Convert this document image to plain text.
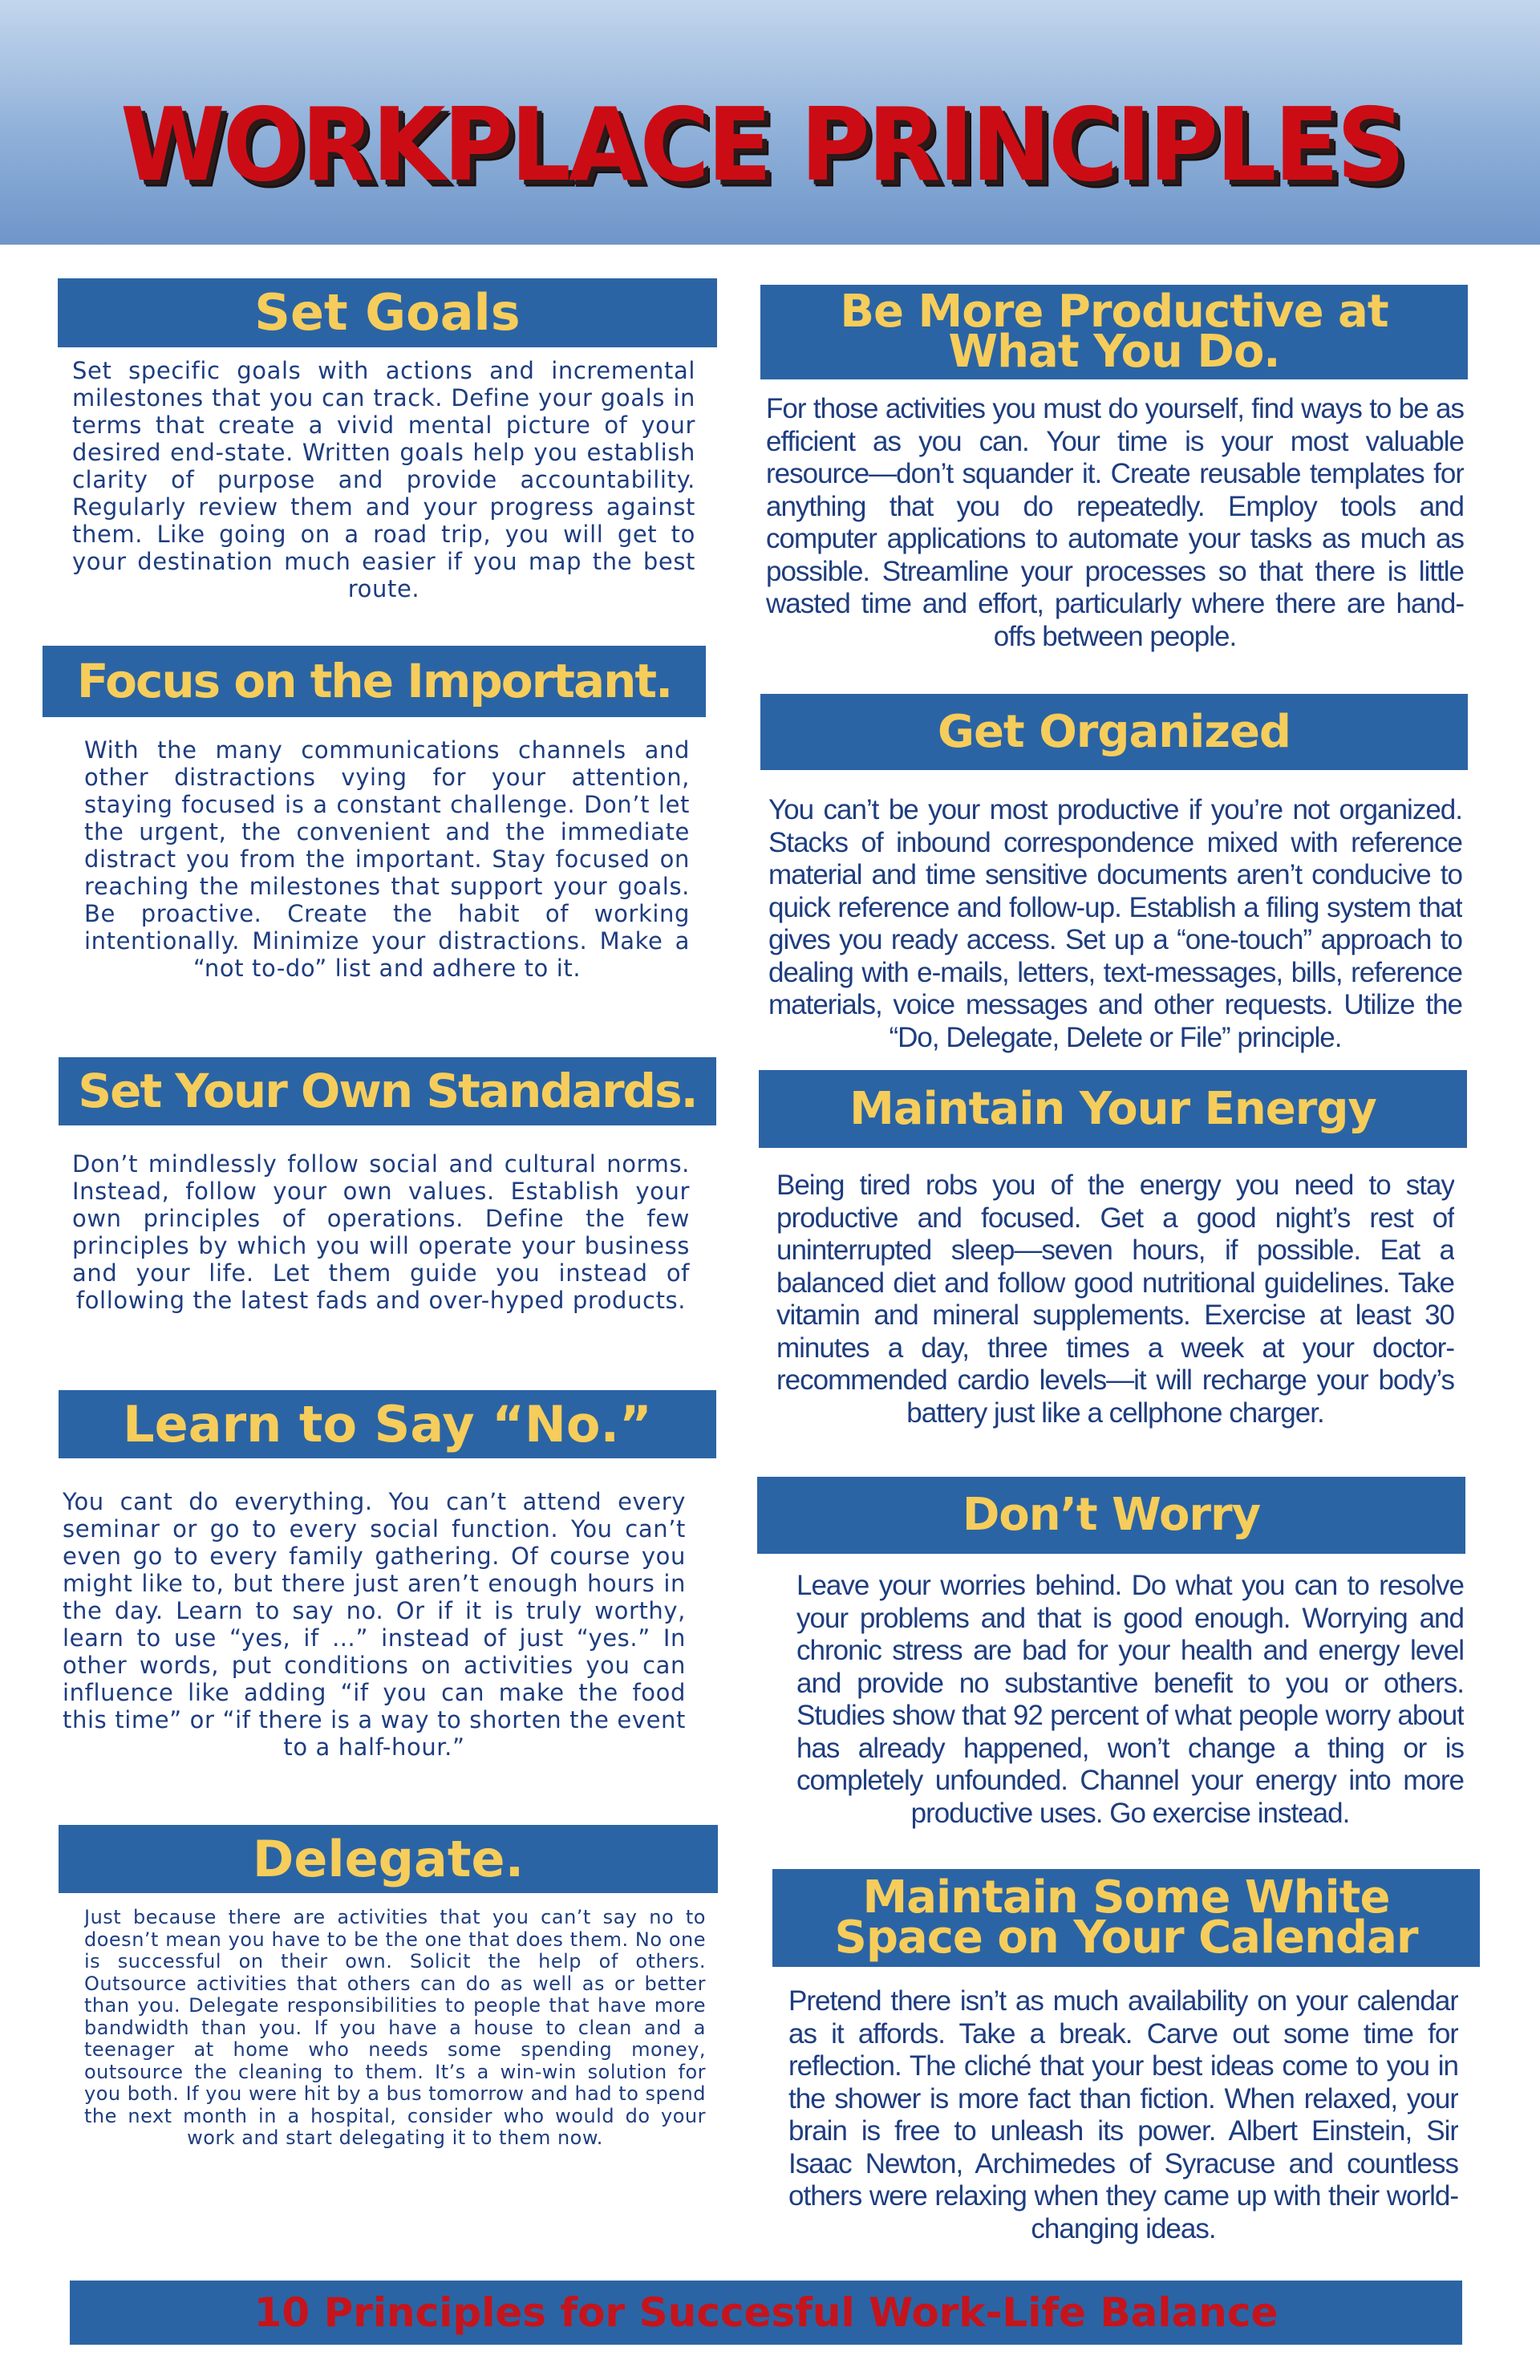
WORKPLACE PRINCIPLES
Set Goals
Set specific goals with actions and incremental milestones that you can track. Define your goals in terms that create a vivid mental picture of your desired end-state. Written goals help you establish clarity of purpose and provide accountability. Regularly review them and your progress against them. Like going on a road trip, you will get to your destination much easier if you map the best route.
Focus on the Important.
With the many communications channels and other distractions vying for your attention, staying focused is a constant challenge. Don’t let the urgent, the convenient and the immediate distract you from the important. Stay focused on reaching the milestones that support your goals. Be proactive. Create the habit of working intentionally. Minimize your distractions. Make a “not to-do” list and adhere to it.
Set Your Own Standards.
Don’t mindlessly follow social and cultural norms. Instead, follow your own values. Establish your own principles of operations. Define the few principles by which you will operate your business and your life. Let them guide you instead of following the latest fads and over-hyped products.
Learn to Say “No.”
You cant do everything. You can’t attend every seminar or go to every social function. You can’t even go to every family gathering. Of course you might like to, but there just aren’t enough hours in the day. Learn to say no. Or if it is truly worthy, learn to use “yes, if …” instead of just “yes.” In other words, put conditions on activities you can influence like adding “if you can make the food this time” or “if there is a way to shorten the event to a half-hour.”
Delegate.
Just because there are activities that you can’t say no to doesn’t mean you have to be the one that does them. No one is successful on their own. Solicit the help of others. Outsource activities that others can do as well as or better than you. Delegate responsibilities to people that have more bandwidth than you. If you have a house to clean and a teenager at home who needs some spending money, outsource the cleaning to them. It’s a win-win solution for you both. If you were hit by a bus tomorrow and had to spend the next month in a hospital, consider who would do your work and start delegating it to them now.
Be More Productive at
What You Do.
For those activities you must do yourself, find ways to be as efficient as you can. Your time is your most valuable resource—don’t squander it. Create reusable templates for anything that you do repeatedly. Employ tools and computer applications to automate your tasks as much as possible. Streamline your processes so that there is little wasted time and effort, particularly where there are hand-offs between people.
Get Organized
You can’t be your most productive if you’re not organized. Stacks of inbound correspondence mixed with reference material and time sensitive documents aren’t conducive to quick reference and follow-up. Establish a filing system that gives you ready access. Set up a “one-touch” approach to dealing with e-mails, letters, text-messages, bills, reference materials, voice messages and other requests. Utilize the “Do, Delegate, Delete or File” principle.
Maintain Your Energy
Being tired robs you of the energy you need to stay productive and focused. Get a good night’s rest of uninterrupted sleep—seven hours, if possible. Eat a balanced diet and follow good nutritional guidelines. Take vitamin and mineral supplements. Exercise at least 30 minutes a day, three times a week at your doctor-recommended cardio levels—it will recharge your body’s battery just like a cellphone charger.
Don’t Worry
Leave your worries behind. Do what you can to resolve your problems and that is good enough. Worrying and chronic stress are bad for your health and energy level and provide no substantive benefit to you or others. Studies show that 92 percent of what people worry about has already happened, won’t change a thing or is completely unfounded. Channel your energy into more productive uses. Go exercise instead.
Maintain Some White
Space on Your Calendar
Pretend there isn’t as much availability on your calendar as it affords. Take a break. Carve out some time for reflection. The cliché that your best ideas come to you in the shower is more fact than fiction. When relaxed, your brain is free to unleash its power. Albert Einstein, Sir Isaac Newton, Archimedes of Syracuse and countless others were relaxing when they came up with their world-changing ideas.
10 Principles for Succesful Work-Life Balance
